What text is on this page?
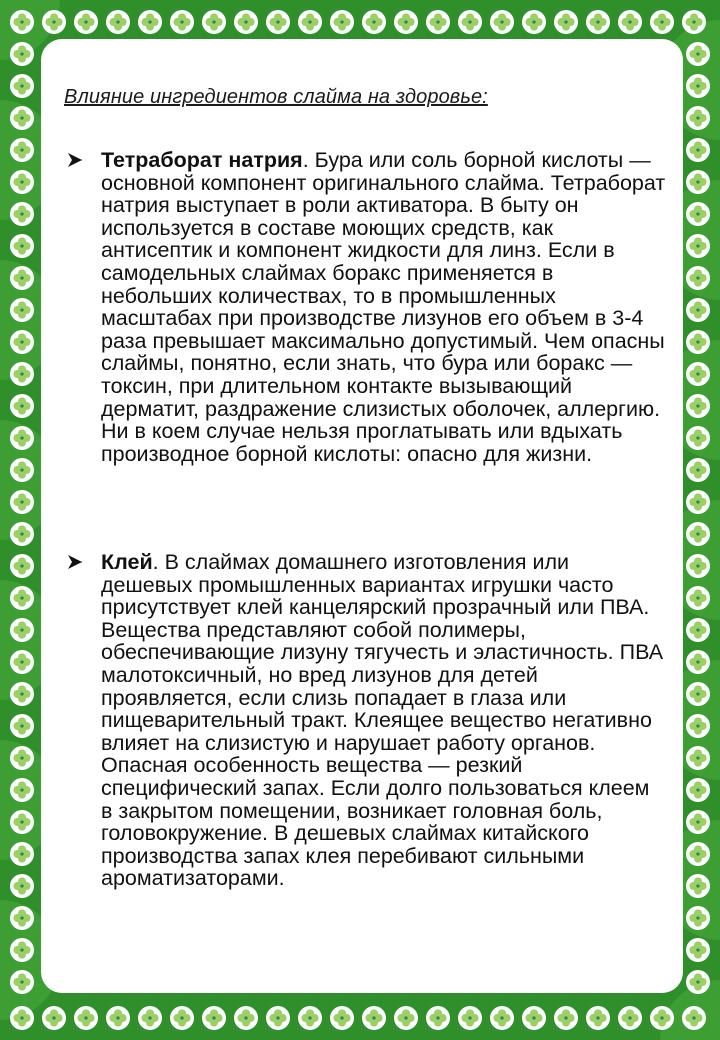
Влияние ингредиентов слайма на здоровье:
Тетраборат натрия. Бура или соль борной кислоты — основной компонент оригинального слайма. Тетраборат натрия выступает в роли активатора. В быту он используется в составе моющих средств, как антисептик и компонент жидкости для линз. Если в самодельных слаймах боракс применяется в небольших количествах, то в промышленных масштабах при производстве лизунов его объем в 3-4 раза превышает максимально допустимый. Чем опасны слаймы, понятно, если знать, что бура или боракс — токсин, при длительном контакте вызывающий дерматит, раздражение слизистых оболочек, аллергию. Ни в коем случае нельзя проглатывать или вдыхать производное борной кислоты: опасно для жизни.
Клей. В слаймах домашнего изготовления или дешевых промышленных вариантах игрушки часто присутствует клей канцелярский прозрачный или ПВА. Вещества представляют собой полимеры, обеспечивающие лизуну тягучесть и эластичность. ПВА малотоксичный, но вред лизунов для детей проявляется, если слизь попадает в глаза или пищеварительный тракт. Клеящее вещество негативно влияет на слизистую и нарушает работу органов. Опасная особенность вещества — резкий специфический запах. Если долго пользоваться клеем в закрытом помещении, возникает головная боль, головокружение. В дешевых слаймах китайского производства запах клея перебивают сильными ароматизаторами.
